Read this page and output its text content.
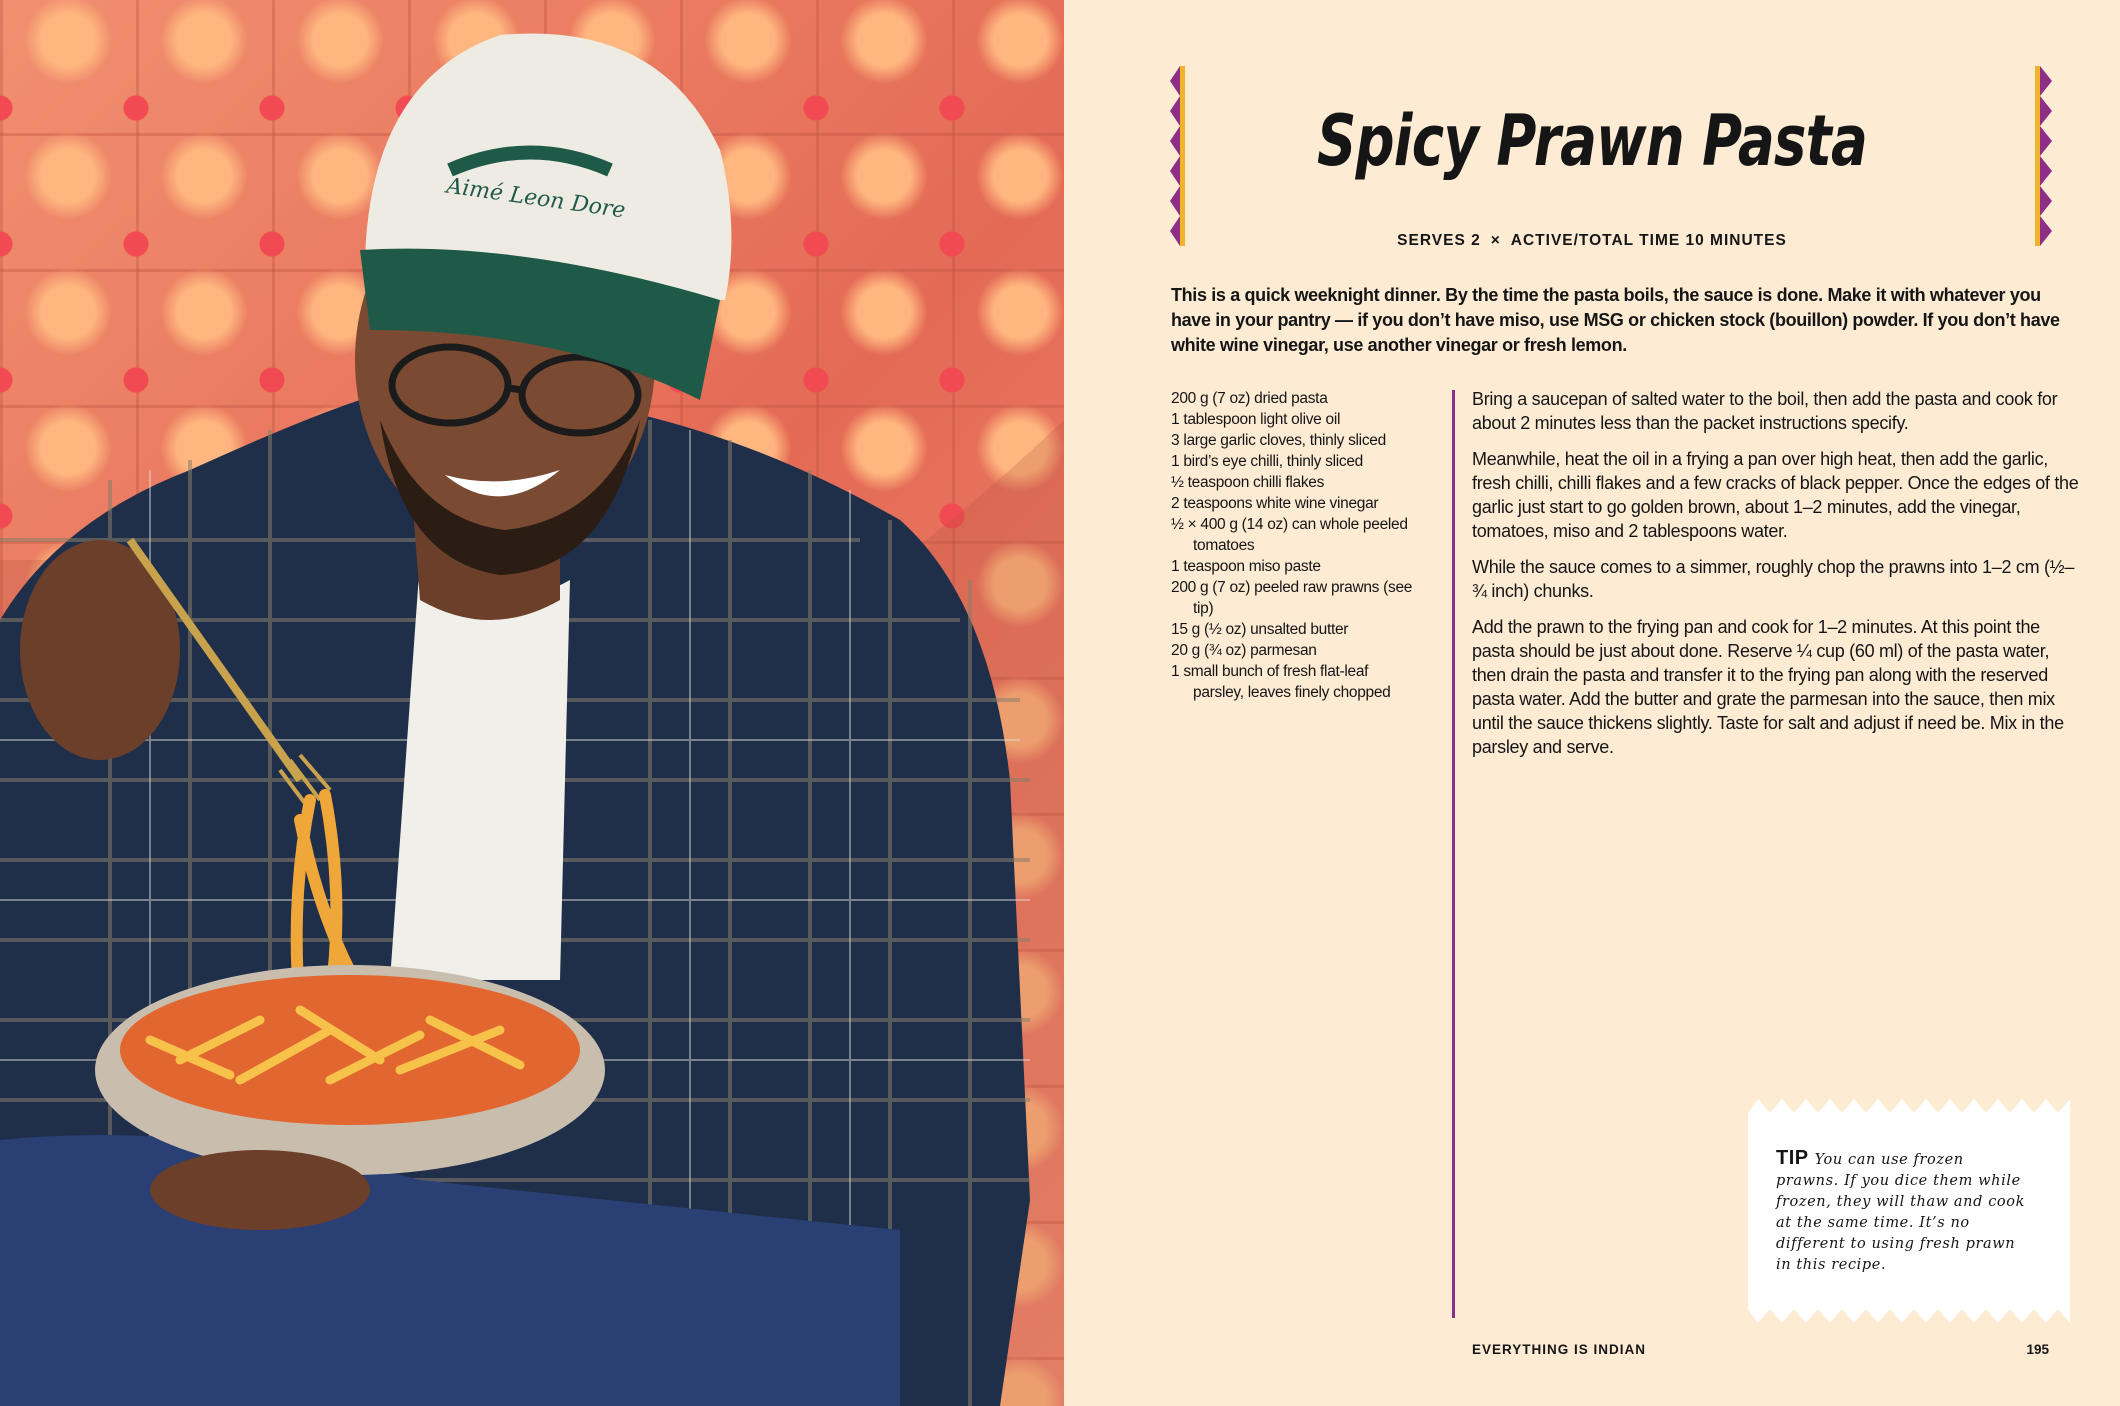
Aimé Leon Dore
Spicy Prawn Pasta
SERVES 2 × ACTIVE/TOTAL TIME 10 MINUTES
This is a quick weeknight dinner. By the time the pasta boils, the sauce is done. Make it with whatever you have in your pantry — if you don’t have miso, use MSG or chicken stock (bouillon) powder. If you don’t have white wine vinegar, use another vinegar or fresh lemon.
200 g (7 oz) dried pasta
1 tablespoon light olive oil
3 large garlic cloves, thinly sliced
1 bird’s eye chilli, thinly sliced
½ teaspoon chilli flakes
2 teaspoons white wine vinegar
½ × 400 g (14 oz) can whole peeled tomatoes
1 teaspoon miso paste
200 g (7 oz) peeled raw prawns (see tip)
15 g (½ oz) unsalted butter
20 g (¾ oz) parmesan
1 small bunch of fresh flat-leaf parsley, leaves finely chopped

Bring a saucepan of salted water to the boil, then add the pasta and cook for about 2 minutes less than the packet instructions specify.

Meanwhile, heat the oil in a frying a pan over high heat, then add the garlic, fresh chilli, chilli flakes and a few cracks of black pepper. Once the edges of the garlic just start to go golden brown, about 1–2 minutes, add the vinegar, tomatoes, miso and 2 tablespoons water.

While the sauce comes to a simmer, roughly chop the prawns into 1–2 cm (½–¾ inch) chunks.

Add the prawn to the frying pan and cook for 1–2 minutes. At this point the pasta should be just about done. Reserve ¼ cup (60 ml) of the pasta water, then drain the pasta and transfer it to the frying pan along with the reserved pasta water. Add the butter and grate the parmesan into the sauce, then mix until the sauce thickens slightly. Taste for salt and adjust if need be. Mix in the parsley and serve.

TIP You can use frozen prawns. If you dice them while frozen, they will thaw and cook at the same time. It’s no different to using fresh prawn in this recipe.
EVERYTHING IS INDIAN	195
